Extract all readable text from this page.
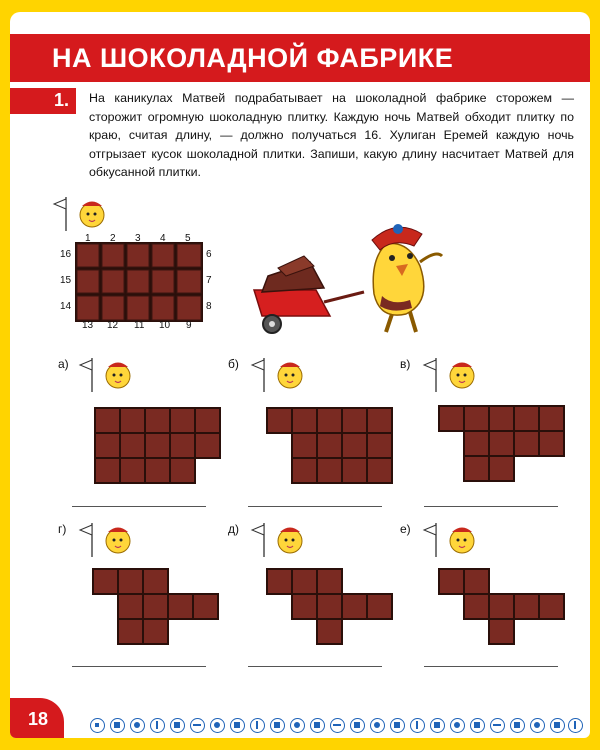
НА ШОКОЛАДНОЙ ФАБРИКЕ
1. На каникулах Матвей подрабатывает на шоколадной фабрике сторожем — сторожит огромную шоколадную плитку. Каждую ночь Матвей обходит плитку по краю, считая длину, — должно получаться 16. Хулиган Еремей каждую ночь отгрызает кусок шоколадной плитки. Запиши, какую длину насчитает Матвей для обкусанной плитки.
1 2 3 4 5
6
7
8
13 12 11 10 9
16
15
14
а)	б)	в)
г)	д)	е)
18
